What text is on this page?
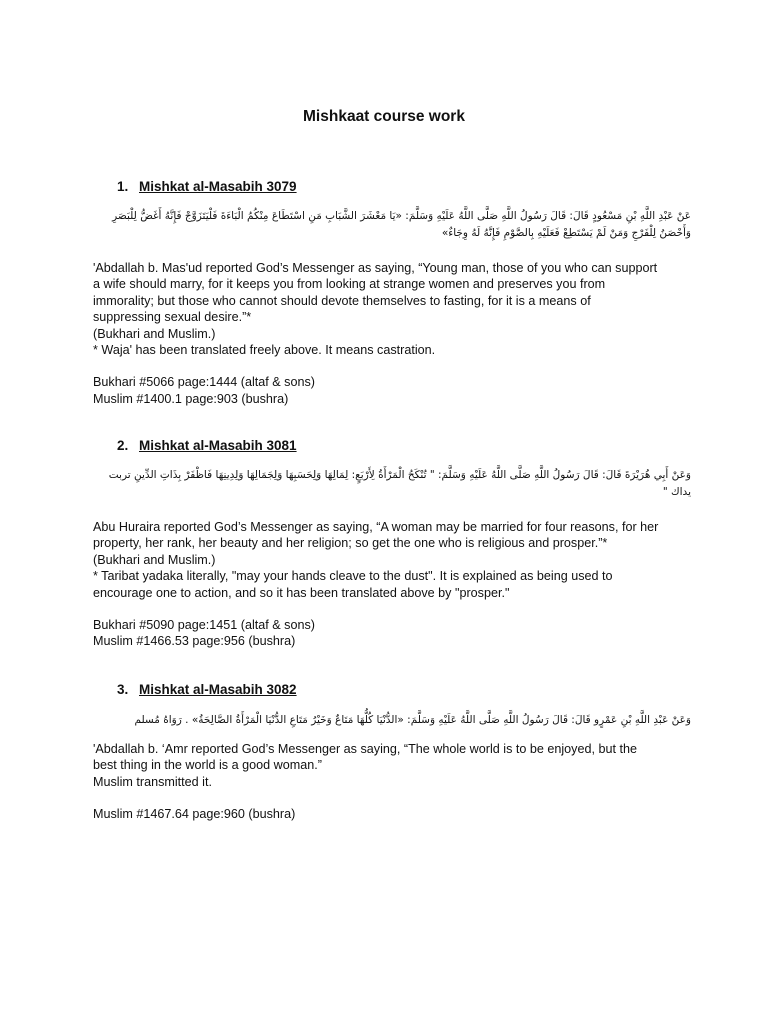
Mishkaat course work
1. Mishkat al-Masabih 3079

عَنْ عَبْدِ اللَّهِ بْنِ مَسْعُودٍ قَالَ: قَالَ رَسُولُ اللَّهِ صَلَّى اللَّهُ عَلَيْهِ وَسَلَّمَ: «يَا مَعْشَرَ الشَّبَابِ مَنِ اسْتَطَاعَ مِنْكُمُ الْبَاءَةَ فَلْيَتَزَوَّجْ فَإِنَّهُ أَغَضُّ لِلْبَصَرِ وَأَحْصَنُ لِلْفَرْجِ وَمَنْ لَمْ يَسْتَطِعْ فَعَلَيْهِ بِالصَّوْمِ فَإِنَّهُ لَهُ وِجَاءٌ»

'Abdallah b. Mas'ud reported God’s Messenger as saying, “Young man, those of you who can support
a wife should marry, for it keeps you from looking at strange women and preserves you from
immorality; but those who cannot should devote themselves to fasting, for it is a means of
suppressing sexual desire.”*
(Bukhari and Muslim.)
* Waja' has been translated freely above. It means castration.
Bukhari #5066 page:1444 (altaf & sons)
Muslim #1400.1 page:903 (bushra)
2. Mishkat al-Masabih 3081

وَعَنْ أَبِي هُرَيْرَةَ قَالَ: قَالَ رَسُولُ اللَّهِ صَلَّى اللَّهُ عَلَيْهِ وَسَلَّمَ: " تُنْكَحُ الْمَرْأَةُ لِأَرْبَعٍ: لِمَالِهَا وَلِحَسَبِهَا وَلِجَمَالِهَا وَلِدِينِهَا فَاظْفَرْ بِذَاتِ الدِّينِ تربت يداك "

Abu Huraira reported God’s Messenger as saying, “A woman may be married for four reasons, for her
property, her rank, her beauty and her religion; so get the one who is religious and prosper.”*
(Bukhari and Muslim.)
* Taribat yadaka literally, "may your hands cleave to the dust". It is explained as being used to
encourage one to action, and so it has been translated above by "prosper."
Bukhari #5090 page:1451 (altaf & sons)
Muslim #1466.53 page:956 (bushra)
3. Mishkat al-Masabih 3082

وَعَنْ عَبْدِ اللَّهِ بْنِ عَمْرٍو قَالَ: قَالَ رَسُولُ اللَّهِ صَلَّى اللَّهُ عَلَيْهِ وَسَلَّمَ: «الدُّنْيَا كُلُّهَا مَتَاعٌ وَخَيْرُ مَتَاعِ الدُّنْيَا الْمَرْأَةُ الصَّالِحَةُ» . رَوَاهُ مُسلم

'Abdallah b. ‘Amr reported God’s Messenger as saying, “The whole world is to be enjoyed, but the
best thing in the world is a good woman.”
Muslim transmitted it.
Muslim #1467.64 page:960 (bushra)
